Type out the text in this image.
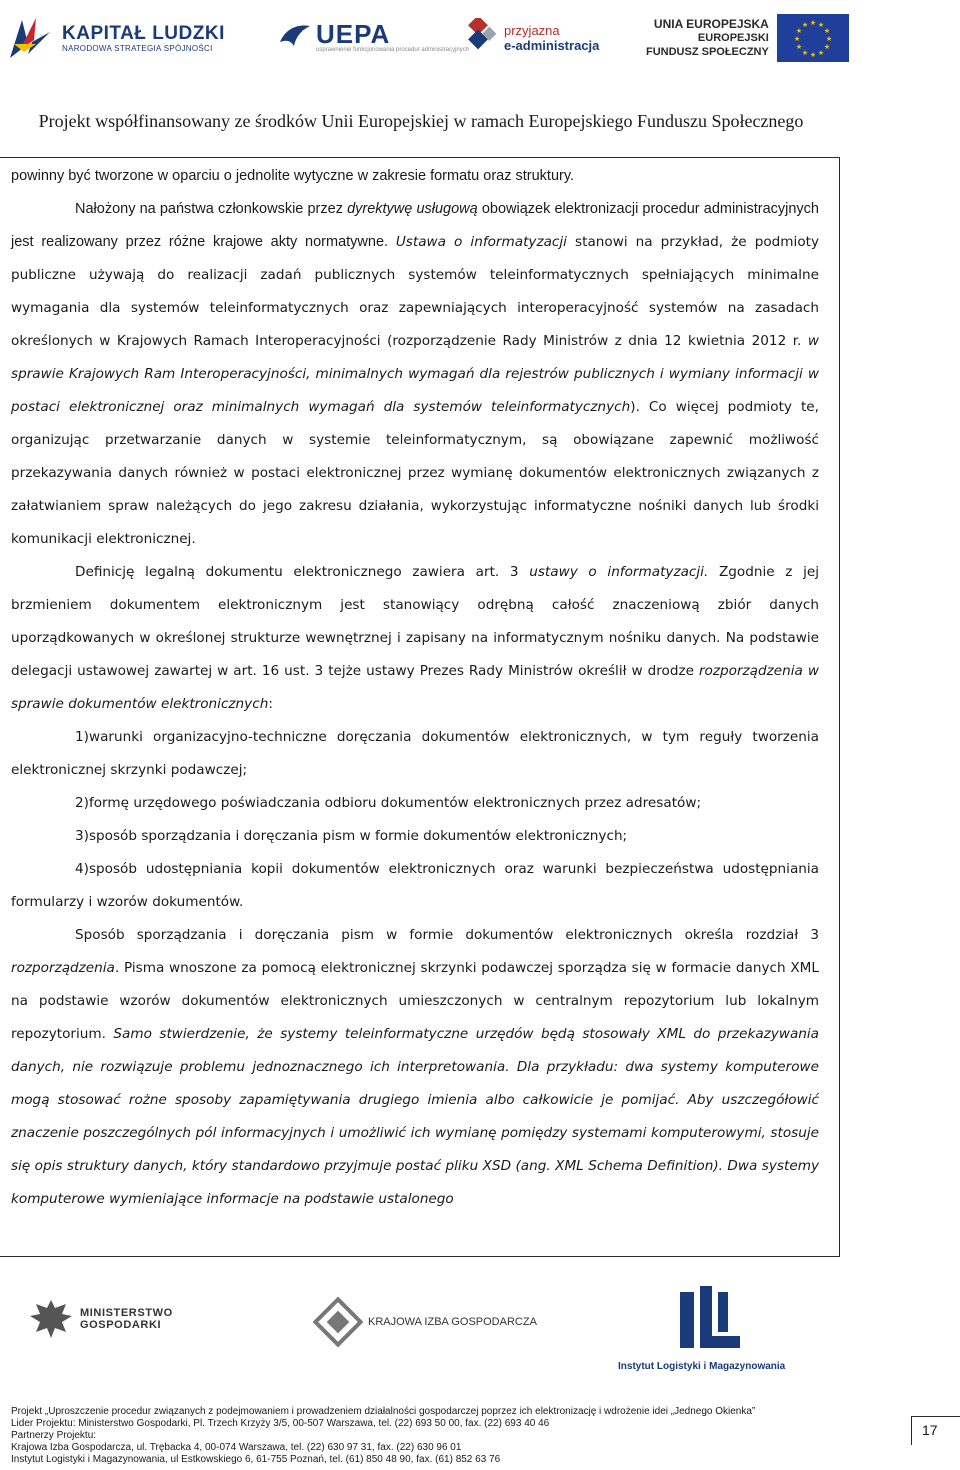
KAPITAŁ LUDZKI
NARODOWA STRATEGIA SPÓJNOŚCI	UEPA
usprawnienie funkcjonowania procedur administracyjnych
przyjazna
e-administracja
UNIA EUROPEJSKA
EUROPEJSKI
FUNDUSZ SPOŁECZNY
★ ★
★
★
★
★
★
★
★
★
★
★
Projekt współfinansowany ze środków Unii Europejskiej w ramach Europejskiego Funduszu Społecznego

powinny być tworzone w oparciu o jednolite wytyczne w zakresie formatu oraz struktury.

Nałożony na państwa członkowskie przez dyrektywę usługową obowiązek elektronizacji procedur administracyjnych jest realizowany przez różne krajowe akty normatywne. Ustawa o informatyzacji stanowi na przykład, że podmioty publiczne używają do realizacji zadań publicznych systemów teleinformatycznych spełniających minimalne wymagania dla systemów teleinformatycznych oraz zapewniających interoperacyjność systemów na zasadach określonych w Krajowych Ramach Interoperacyjności (rozporządzenie Rady Ministrów z dnia 12 kwietnia 2012 r. w sprawie Krajowych Ram Interoperacyjności, minimalnych wymagań dla rejestrów publicznych i wymiany informacji w postaci elektronicznej oraz minimalnych wymagań dla systemów teleinformatycznych). Co więcej podmioty te, organizując przetwarzanie danych w systemie teleinformatycznym, są obowiązane zapewnić możliwość przekazywania danych również w postaci elektronicznej przez wymianę dokumentów elektronicznych związanych z załatwianiem spraw należących do jego zakresu działania, wykorzystując informatyczne nośniki danych lub środki komunikacji elektronicznej.

Definicję legalną dokumentu elektronicznego zawiera art. 3 ustawy o informatyzacji. Zgodnie z jej brzmieniem dokumentem elektronicznym jest stanowiący odrębną całość znaczeniową zbiór danych uporządkowanych w określonej strukturze wewnętrznej i zapisany na informatycznym nośniku danych. Na podstawie delegacji ustawowej zawartej w art. 16 ust. 3 tejże ustawy Prezes Rady Ministrów określił w drodze rozporządzenia w sprawie dokumentów elektronicznych:

1)warunki organizacyjno-techniczne doręczania dokumentów elektronicznych, w tym reguły tworzenia elektronicznej skrzynki podawczej;

2)formę urzędowego poświadczania odbioru dokumentów elektronicznych przez adresatów;

3)sposób sporządzania i doręczania pism w formie dokumentów elektronicznych;

4)sposób udostępniania kopii dokumentów elektronicznych oraz warunki bezpieczeństwa udostępniania formularzy i wzorów dokumentów.

Sposób sporządzania i doręczania pism w formie dokumentów elektronicznych określa rozdział 3 rozporządzenia. Pisma wnoszone za pomocą elektronicznej skrzynki podawczej sporządza się w formacie danych XML na podstawie wzorów dokumentów elektronicznych umieszczonych w centralnym repozytorium lub lokalnym repozytorium. Samo stwierdzenie, że systemy teleinformatyczne urzędów będą stosowały XML do przekazywania danych, nie rozwiązuje problemu jednoznacznego ich interpretowania. Dla przykładu: dwa systemy komputerowe mogą stosować rożne sposoby zapamiętywania drugiego imienia albo całkowicie je pomijać. Aby uszczegółowić znaczenie poszczególnych pól informacyjnych i umożliwić ich wymianę pomiędzy systemami komputerowymi, stosuje się opis struktury danych, który standardowo przyjmuje postać pliku XSD (ang. XML Schema Definition). Dwa systemy komputerowe wymieniające informacje na podstawie ustalonego

MINISTERSTWO
GOSPODARKI	KRAJOWA IZBA GOSPODARCZA
Instytut Logistyki i Magazynowania
Projekt „Uproszczenie procedur związanych z podejmowaniem i prowadzeniem działalności gospodarczej poprzez ich elektronizację i wdrożenie idei „Jednego Okienka”
Lider Projektu: Ministerstwo Gospodarki, Pl. Trzech Krzyży 3/5, 00-507 Warszawa, tel. (22) 693 50 00, fax. (22) 693 40 46
Partnerzy Projektu:
Krajowa Izba Gospodarcza, ul. Trębacka 4, 00-074 Warszawa, tel. (22) 630 97 31, fax. (22) 630 96 01
Instytut Logistyki i Magazynowania, ul Estkowskiego 6, 61-755 Poznań, tel. (61) 850 48 90, fax. (61) 852 63 76
17
